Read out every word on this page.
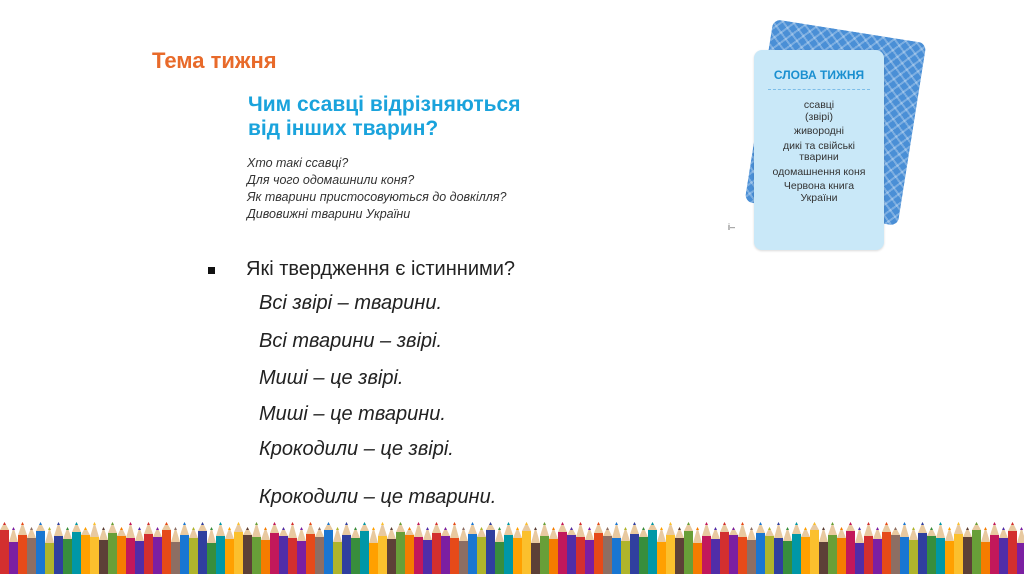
Тема тижня
Чим ссавці відрізняються
від інших тварин?
Хто такі ссавці?
Для чого одомашнили коня?
Як тварини пристосовуються до довкілля?
Дивовижні тварини України
СЛОВА ТИЖНЯ
ссавці
(звірі)
живородні
дикі та свійські
тварини
одомашнення коня
Червона книга
України
i–
Які твердження є істинними?
Всі звірі – тварини.
Всі тварини – звірі.
Миші – це звірі.
Миші – це тварини.
Крокодили – це звірі.
Крокодили – це тварини.
